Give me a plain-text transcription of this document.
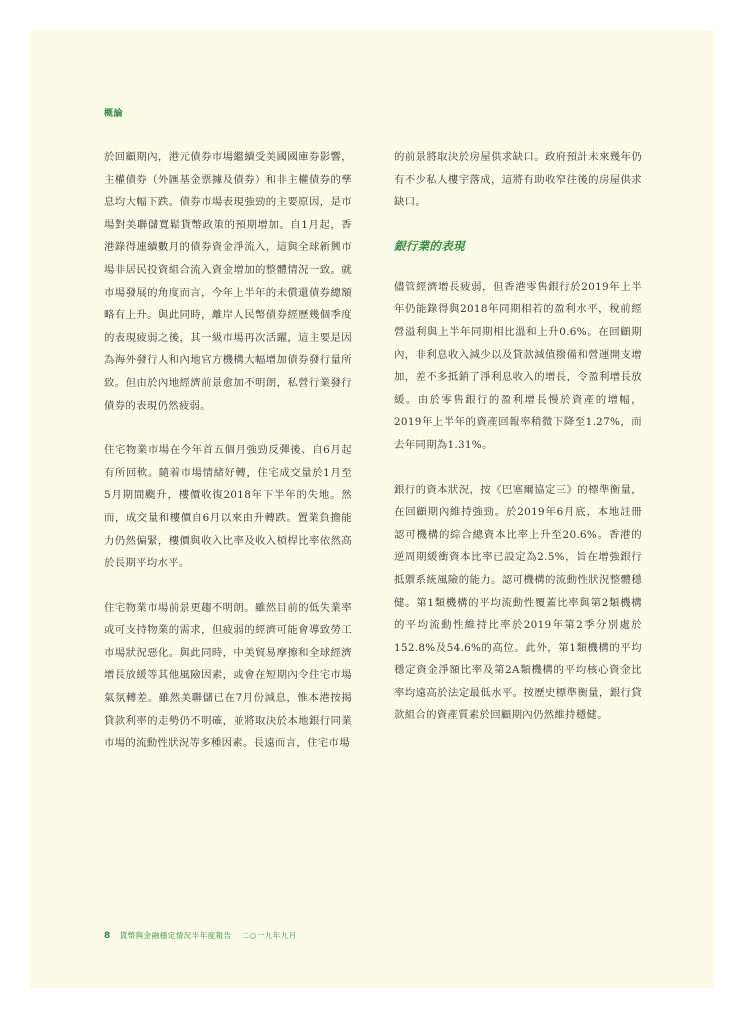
概論

於回顧期內，港元債券市場繼續受美國國庫券影響，主權債券（外匯基金票據及債券）和非主權債券的孳息均大幅下跌。債券市場表現強勁的主要原因，是市場對美聯儲寬鬆貨幣政策的預期增加。自1月起，香港錄得連續數月的債券資金淨流入，這與全球新興市場非居民投資組合流入資金增加的整體情況一致。就市場發展的角度而言，今年上半年的未償還債券總額略有上升。與此同時，離岸人民幣債券經歷幾個季度的表現疲弱之後，其一級市場再次活躍，這主要是因為海外發行人和內地官方機構大幅增加債券發行量所致。但由於內地經濟前景愈加不明朗，私營行業發行債券的表現仍然疲弱。

住宅物業市場在今年首五個月強勁反彈後、自6月起有所回軟。隨着市場情緒好轉，住宅成交量於1月至5月期間颮升，樓價收復2018年下半年的失地。然而，成交量和樓價自6月以來由升轉跌。置業負擔能力仍然偏緊，樓價與收入比率及收入槓桿比率依然高於長期平均水平。

住宅物業市場前景更趨不明朗。雖然目前的低失業率或可支持物業的需求，但疲弱的經濟可能會導致勞工市場狀況惡化。與此同時，中美貿易摩擦和全球經濟增長放緩等其他風險因素，或會在短期內令住宅市場氣氛轉差。雖然美聯儲已在7月份減息，惟本港按揭貸款利率的走勢仍不明確，並將取決於本地銀行同業市場的流動性狀況等多種因素。長遠而言，住宅市場

的前景將取決於房屋供求缺口。政府預計未來幾年仍有不少私人樓宇落成，這將有助收窄往後的房屋供求缺口。

銀行業的表現

儘管經濟增長疲弱，但香港零售銀行於2019年上半年仍能錄得與2018年同期相若的盈利水平，稅前經營溢利與上半年同期相比溫和上升0.6%。在回顧期內，非利息收入減少以及貸款減值撥備和營運開支增加，差不多抵銷了淨利息收入的增長，令盈利增長放緩。由於零售銀行的盈利增長慢於資產的增幅，2019年上半年的資產回報率稍微下降至1.27%，而去年同期為1.31%。

銀行的資本狀況，按《巴塞爾協定三》的標準衡量，在回顧期內維持強勁。於2019年6月底，本地註冊認可機構的綜合總資本比率上升至20.6%。香港的逆周期緩衝資本比率已設定為2.5%，旨在增強銀行抵禦系統風險的能力。認可機構的流動性狀況整體穩健。第1類機構的平均流動性覆蓋比率與第2類機構的平均流動性維持比率於2019年第2季分別處於152.8%及54.6%的高位。此外，第1類機構的平均穩定資金淨額比率及第2A類機構的平均核心資金比率均遠高於法定最低水平。按歷史標準衡量，銀行貸款組合的資產質素於回顧期內仍然維持穩健。

8 貨幣與金融穩定情況半年度報告 二○一九年九月
